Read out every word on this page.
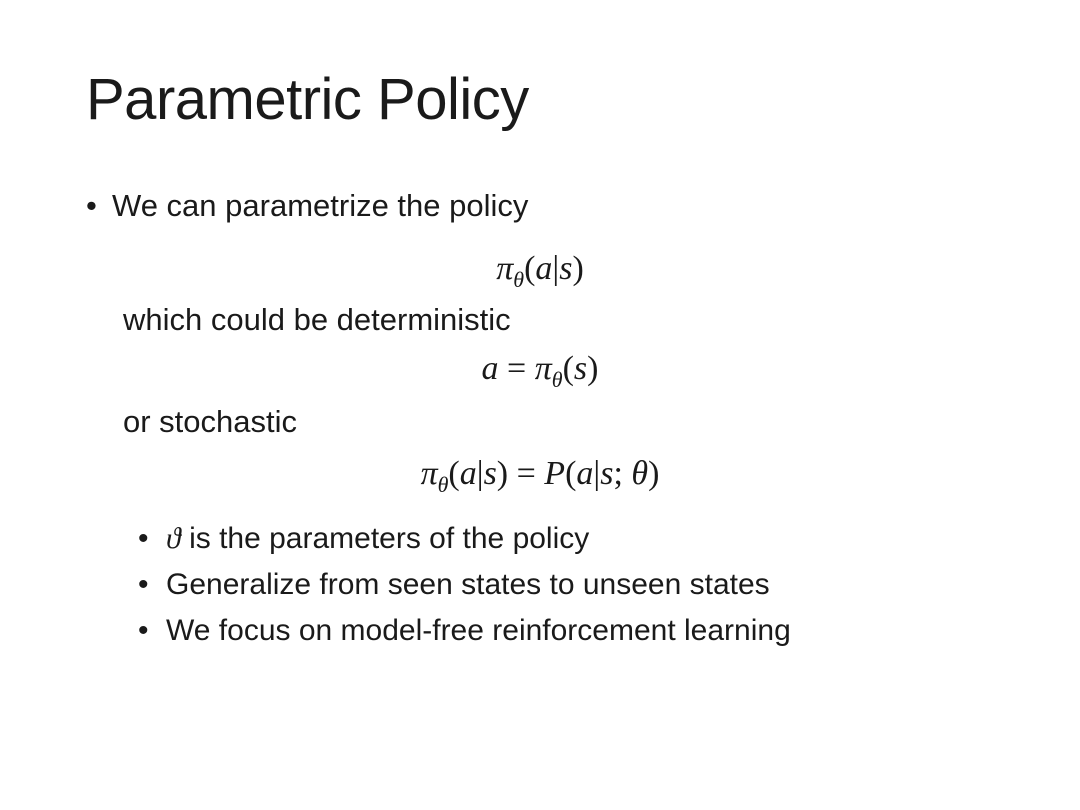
Parametric Policy
• We can parametrize the policy
$\pi_\theta(a|s)$
which could be deterministic
$a = \pi_\theta(s)$
or stochastic
$\pi_\theta(a|s) = P(a|s$; θ)
• ϑ is the parameters of the policy
• Generalize from seen states to unseen states
• We focus on model-free reinforcement learning
